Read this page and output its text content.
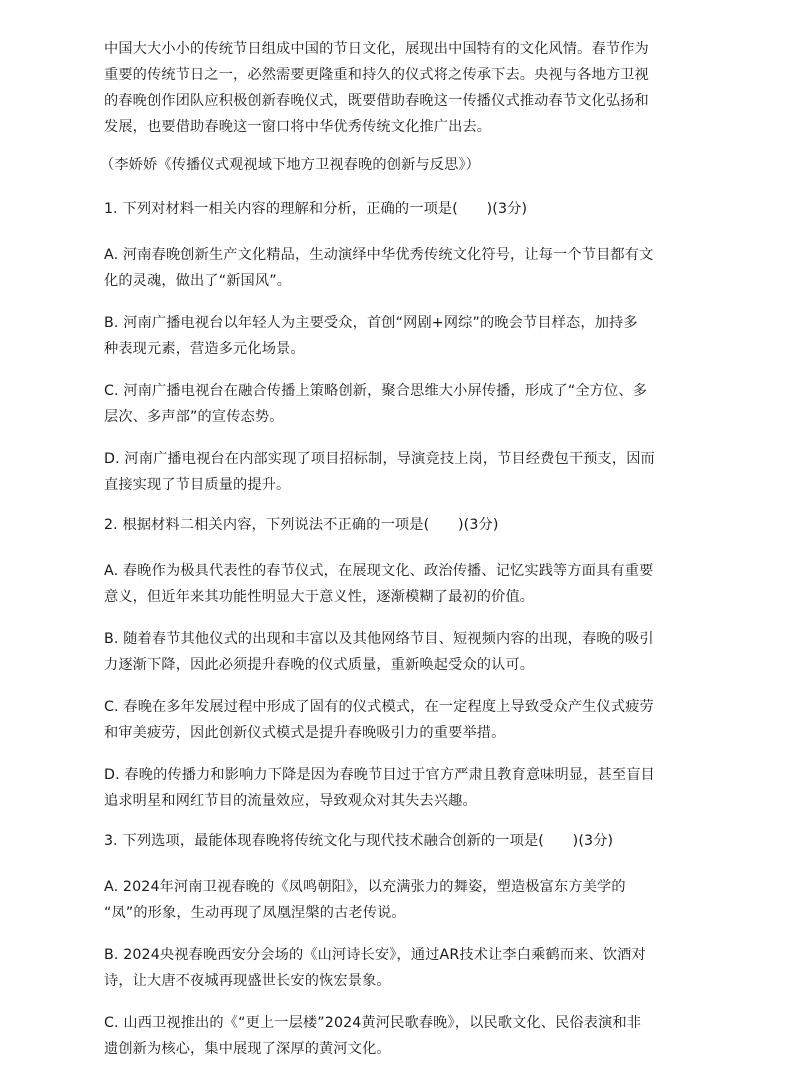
中国大大小小的传统节日组成中国的节日文化，展现出中国特有的文化风情。春节作为
重要的传统节日之一，必然需要更隆重和持久的仪式将之传承下去。央视与各地方卫视
的春晚创作团队应积极创新春晚仪式，既要借助春晚这一传播仪式推动春节文化弘扬和
发展，也要借助春晚这一窗口将中华优秀传统文化推广出去。

（李娇娇《传播仪式观视域下地方卫视春晚的创新与反思》）

1. 下列对材料一相关内容的理解和分析，正确的一项是(　　)(3分)

A. 河南春晚创新生产文化精品，生动演绎中华优秀传统文化符号，让每一个节目都有文
化的灵魂，做出了“新国风”。

B. 河南广播电视台以年轻人为主要受众，首创“网剧+网综”的晚会节目样态，加持多
种表现元素，营造多元化场景。

C. 河南广播电视台在融合传播上策略创新，聚合思维大小屏传播，形成了“全方位、多
层次、多声部”的宣传态势。

D. 河南广播电视台在内部实现了项目招标制，导演竞技上岗，节目经费包干预支，因而
直接实现了节目质量的提升。

2. 根据材料二相关内容，下列说法不正确的一项是(　　)(3分)

A. 春晚作为极具代表性的春节仪式，在展现文化、政治传播、记忆实践等方面具有重要
意义，但近年来其功能性明显大于意义性，逐渐模糊了最初的价值。

B. 随着春节其他仪式的出现和丰富以及其他网络节目、短视频内容的出现，春晚的吸引
力逐渐下降，因此必须提升春晚的仪式质量，重新唤起受众的认可。

C. 春晚在多年发展过程中形成了固有的仪式模式，在一定程度上导致受众产生仪式疲劳
和审美疲劳，因此创新仪式模式是提升春晚吸引力的重要举措。

D. 春晚的传播力和影响力下降是因为春晚节目过于官方严肃且教育意味明显，甚至盲目
追求明星和网红节目的流量效应，导致观众对其失去兴趣。

3. 下列选项，最能体现春晚将传统文化与现代技术融合创新的一项是(　　)(3分)

A. 2024年河南卫视春晚的《凤鸣朝阳》，以充满张力的舞姿，塑造极富东方美学的
“凤”的形象，生动再现了凤凰涅槃的古老传说。

B. 2024央视春晚西安分会场的《山河诗长安》，通过AR技术让李白乘鹤而来、饮酒对
诗，让大唐不夜城再现盛世长安的恢宏景象。

C. 山西卫视推出的《“更上一层楼”2024黄河民歌春晚》，以民歌文化、民俗表演和非
遗创新为核心，集中展现了深厚的黄河文化。
